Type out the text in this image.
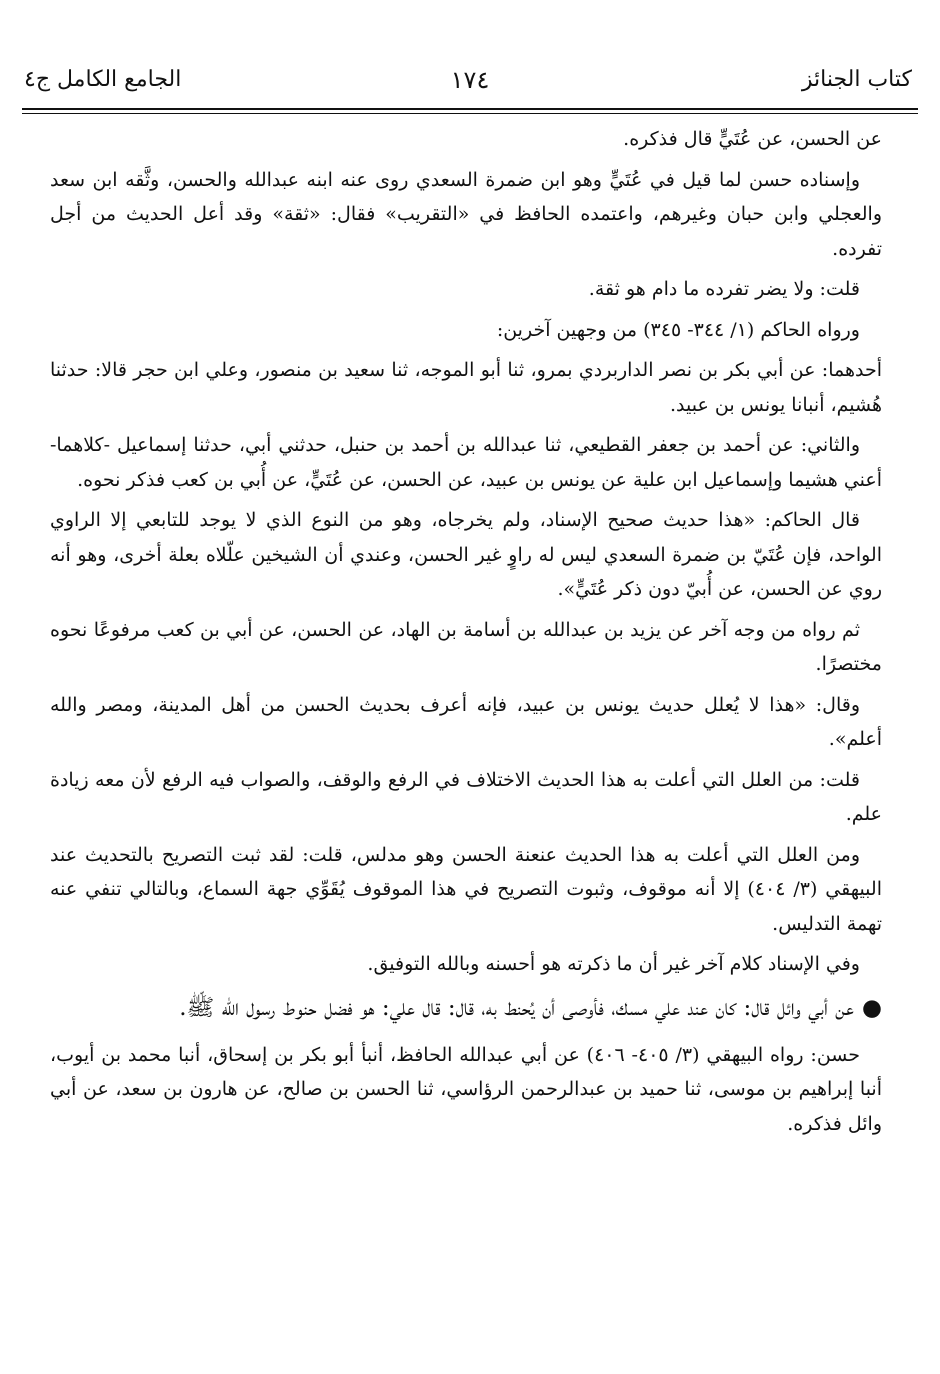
كتاب الجنائز
١٧٤
الجامع الكامل ج٤

عن الحسن، عن عُتَيٍّ قال فذكره.

وإسناده حسن لما قيل في عُتَيٍّ وهو ابن ضمرة السعدي روى عنه ابنه عبدالله والحسن، وثَّقه ابن سعد والعجلي وابن حبان وغيرهم، واعتمده الحافظ في «التقريب» فقال: «ثقة» وقد أعل الحديث من أجل تفرده.

قلت: ولا يضر تفرده ما دام هو ثقة.

ورواه الحاكم (١/ ٣٤٤- ٣٤٥) من وجهين آخرين:

أحدهما: عن أبي بكر بن نصر الداربردي بمرو، ثنا أبو الموجه، ثنا سعيد بن منصور، وعلي ابن حجر قالا: حدثنا هُشيم، أنبانا يونس بن عبيد.

والثاني: عن أحمد بن جعفر القطيعي، ثنا عبدالله بن أحمد بن حنبل، حدثني أبي، حدثنا إسماعيل -كلاهما- أعني هشيما وإسماعيل ابن علية عن يونس بن عبيد، عن الحسن، عن عُتَيٍّ، عن أُبي بن كعب فذكر نحوه.

قال الحاكم: «هذا حديث صحيح الإسناد، ولم يخرجاه، وهو من النوع الذي لا يوجد للتابعي إلا الراوي الواحد، فإن عُتَيّ بن ضمرة السعدي ليس له راوٍ غير الحسن، وعندي أن الشيخين علّلاه بعلة أخرى، وهو أنه روي عن الحسن، عن أُبيّ دون ذكر عُتَيٍّ».

ثم رواه من وجه آخر عن يزيد بن عبدالله بن أسامة بن الهاد، عن الحسن، عن أبي بن كعب مرفوعًا نحوه مختصرًا.

وقال: «هذا لا يُعلل حديث يونس بن عبيد، فإنه أعرف بحديث الحسن من أهل المدينة، ومصر والله أعلم».

قلت: من العلل التي أعلت به هذا الحديث الاختلاف في الرفع والوقف، والصواب فيه الرفع لأن معه زيادة علم.

ومن العلل التي أعلت به هذا الحديث عنعنة الحسن وهو مدلس، قلت: لقد ثبت التصريح بالتحديث عند البيهقي (٣/ ٤٠٤) إلا أنه موقوف، وثبوت التصريح في هذا الموقوف يُقَوِّي جهة السماع، وبالتالي تنفي عنه تهمة التدليس.

وفي الإسناد كلام آخر غير أن ما ذكرته هو أحسنه وبالله التوفيق.

●عن أبي وائل قال: كان عند علي مسك، فأوصى أن يُحنط به، قال: قال علي: هو فضل حنوط رسول الله ﷺ.

حسن: رواه البيهقي (٣/ ٤٠٥- ٤٠٦) عن أبي عبدالله الحافظ، أنبأ أبو بكر بن إسحاق، أنبا محمد بن أيوب، أنبا إبراهيم بن موسى، ثنا حميد بن عبدالرحمن الرؤاسي، ثنا الحسن بن صالح، عن هارون بن سعد، عن أبي وائل فذكره.
